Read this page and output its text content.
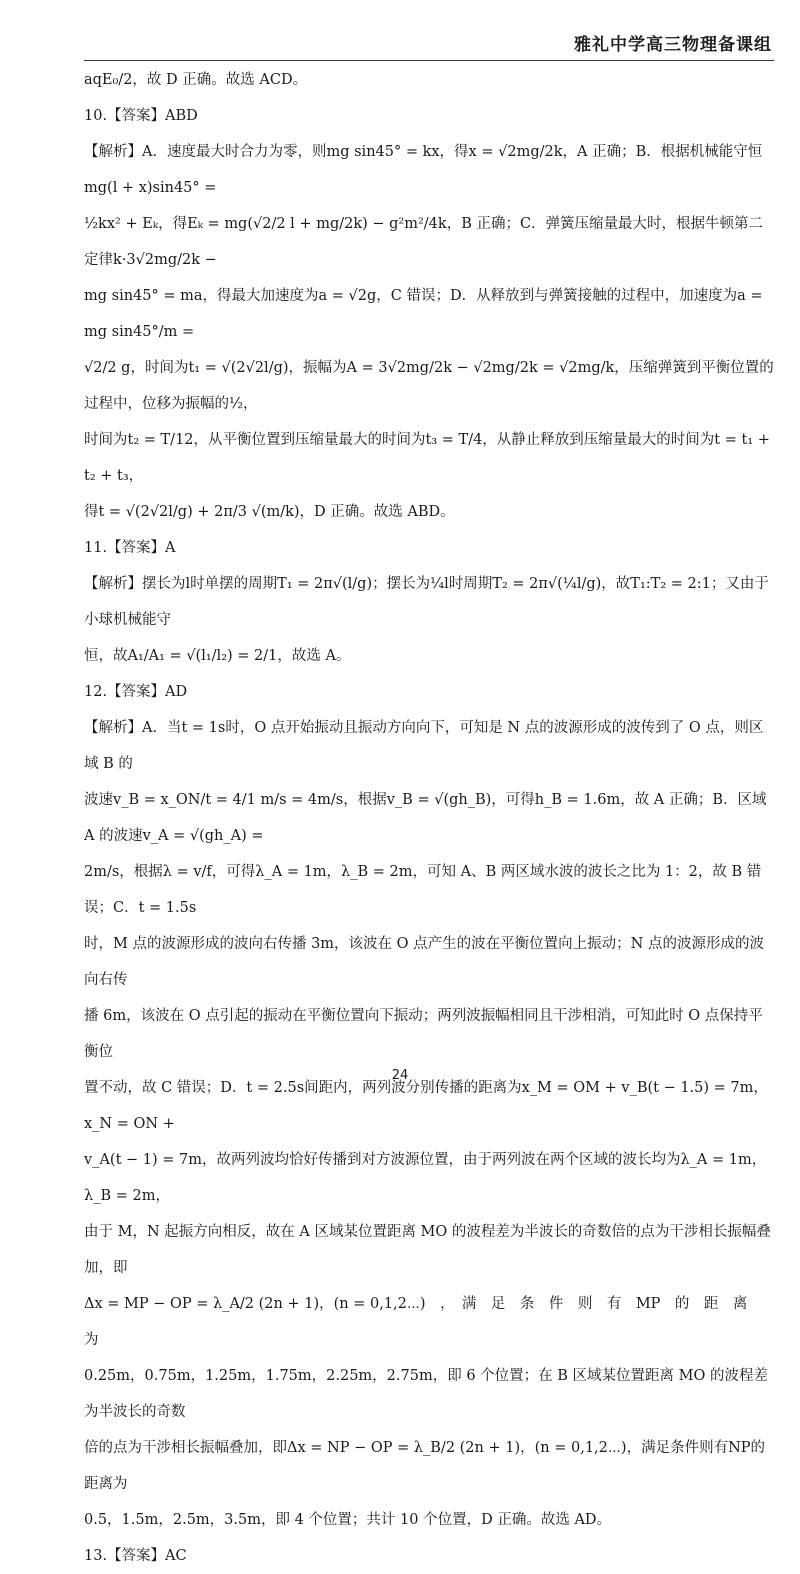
雅礼中学高三物理备课组

aqE₀/2，故 D 正确。故选 ACD。

10.【答案】ABD

【解析】A．速度最大时合力为零，则mg sin45° = kx，得x = √2mg/2k，A 正确；B．根据机械能守恒mg(l + x)sin45° =

½kx² + Eₖ，得Eₖ = mg(√2/2 l + mg/2k) − g²m²/4k，B 正确；C．弹簧压缩量最大时，根据牛顿第二定律k·3√2mg/2k −

mg sin45° = ma，得最大加速度为a = √2g，C 错误；D．从释放到与弹簧接触的过程中，加速度为a = mg sin45°/m =

√2/2 g，时间为t₁ = √(2√2l/g)，振幅为A = 3√2mg/2k − √2mg/2k = √2mg/k，压缩弹簧到平衡位置的过程中，位移为振幅的½，

时间为t₂ = T/12，从平衡位置到压缩量最大的时间为t₃ = T/4，从静止释放到压缩量最大的时间为t = t₁ + t₂ + t₃，

得t = √(2√2l/g) + 2π/3 √(m/k)，D 正确。故选 ABD。

11.【答案】A

【解析】摆长为l时单摆的周期T₁ = 2π√(l/g)；摆长为¼l时周期T₂ = 2π√(¼l/g)，故T₁:T₂ = 2:1；又由于小球机械能守

恒，故A₁/A₁ = √(l₁/l₂) = 2/1，故选 A。

12.【答案】AD

【解析】A．当t = 1s时，O 点开始振动且振动方向向下，可知是 N 点的波源形成的波传到了 O 点，则区域 B 的

波速v_B = x_ON/t = 4/1 m/s = 4m/s，根据v_B = √(gh_B)，可得h_B = 1.6m，故 A 正确；B．区域 A 的波速v_A = √(gh_A) =

2m/s，根据λ = v/f，可得λ_A = 1m，λ_B = 2m，可知 A、B 两区域水波的波长之比为 1：2，故 B 错误；C．t = 1.5s

时，M 点的波源形成的波向右传播 3m，该波在 O 点产生的波在平衡位置向上振动；N 点的波源形成的波向右传

播 6m，该波在 O 点引起的振动在平衡位置向下振动；两列波振幅相同且干涉相消，可知此时 O 点保持平衡位

置不动，故 C 错误；D．t = 2.5s间距内，两列波分别传播的距离为x_M = OM + v_B(t − 1.5) = 7m，x_N = ON +

v_A(t − 1) = 7m，故两列波均恰好传播到对方波源位置，由于两列波在两个区域的波长均为λ_A = 1m，λ_B = 2m，

由于 M，N 起振方向相反，故在 A 区域某位置距离 MO 的波程差为半波长的奇数倍的点为干涉相长振幅叠加，即

Δx = MP − OP = λ_A/2 (2n + 1)，(n = 0,1,2⋯)　，　满　足　条　件　则　有　MP　的　距　离　为

0.25m，0.75m，1.25m，1.75m，2.25m，2.75m，即 6 个位置；在 B 区域某位置距离 MO 的波程差为半波长的奇数

倍的点为干涉相长振幅叠加，即Δx = NP − OP = λ_B/2 (2n + 1)，(n = 0,1,2⋯)，满足条件则有NP的距离为

0.5，1.5m，2.5m，3.5m，即 4 个位置；共计 10 个位置，D 正确。故选 AD。

13.【答案】AC

24
